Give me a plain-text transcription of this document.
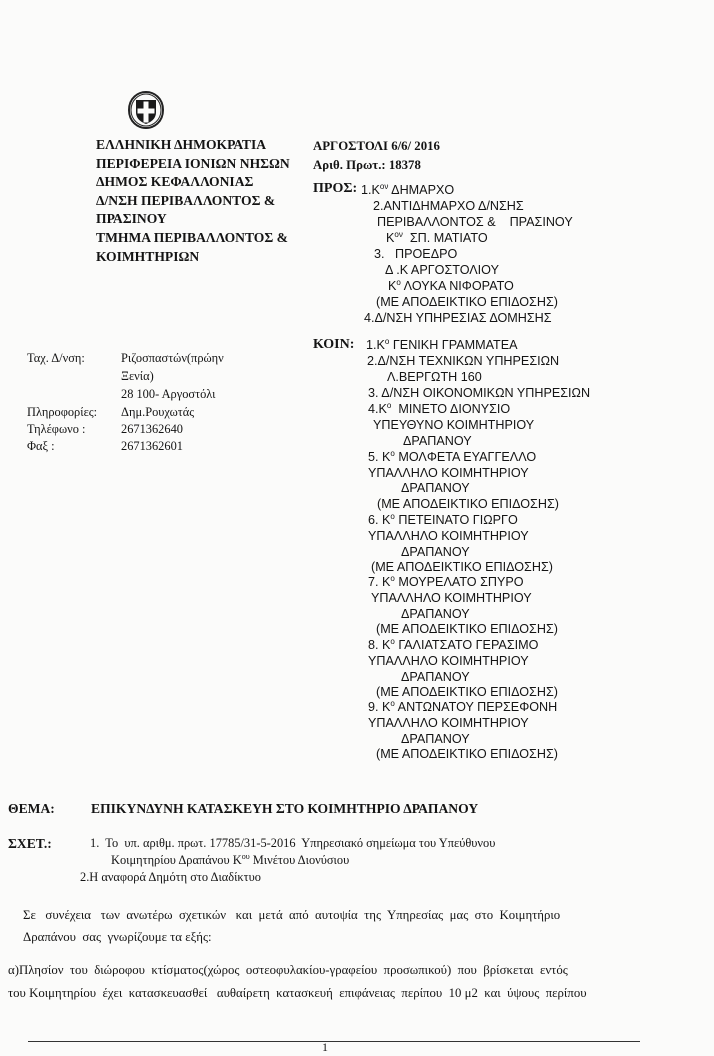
ΕΛΛΗΝΙΚΗ ΔΗΜΟΚΡΑΤΙΑ
ΠΕΡΙΦΕΡΕΙΑ ΙΟΝΙΩΝ ΝΗΣΩΝ
ΔΗΜΟΣ ΚΕΦΑΛΛΟΝΙΑΣ
Δ/ΝΣΗ ΠΕΡΙΒΑΛΛΟΝΤΟΣ &
ΠΡΑΣΙΝΟΥ
ΤΜΗΜΑ ΠΕΡΙΒΑΛΛΟΝΤΟΣ &
ΚΟΙΜΗΤΗΡΙΩΝ
ΑΡΓΟΣΤΟΛΙ 6/6/ 2016
Αριθ. Πρωτ.: 18378
ΠΡΟΣ: $1.K^{o\nu}$ ΔΗΜΑΡΧΟ
2.ΑΝΤΙΔΗΜΑΡΧΟ Δ/ΝΣΗΣ
ΠΕΡΙΒΑΛΛΟΝΤΟΣ &    ΠΡΑΣΙΝΟΥ
$K^{o\nu}$ ΣΠ. ΜΑΤΙΑΤΟ
3.   ΠΡΟΕΔΡΟ
Δ .Κ ΑΡΓΟΣΤΟΛΙΟΥ
$K^o$ ΛΟΥΚΑ ΝΙΦΟΡΑΤΟ
(ΜΕ ΑΠΟΔΕΙΚΤΙΚΟ ΕΠΙΔΟΣΗΣ)
4.Δ/ΝΣΗ ΥΠΗΡΕΣΙΑΣ ΔΟΜΗΣΗΣ
Ταχ. Δ/νση:	Ριζοσπαστών(πρώην
Ξενία)
28 100- Αργοστόλι
Πληροφορίες: Δημ.Ρουχωτάς
Τηλέφωνο :	2671362640
Φαξ :	2671362601
ΚΟΙΝ: $1.K^o$ ΓΕΝΙΚΗ ΓΡΑΜΜΑΤΕΑ
2.Δ/ΝΣΗ ΤΕΧΝΙΚΩΝ ΥΠΗΡΕΣΙΩΝ
Λ.ΒΕΡΓΩΤΗ 160
3. Δ/ΝΣΗ ΟΙΚΟΝΟΜΙΚΩΝ ΥΠΗΡΕΣΙΩΝ
$4.K^o$ ΜΙΝΕΤΟ ΔΙΟΝΥΣΙΟ
ΥΠΕΥΘΥΝΟ ΚΟΙΜΗΤΗΡΙΟΥ
ΔΡΑΠΑΝΟΥ
5. $K^o$ ΜΟΛΦΕΤΑ ΕΥΑΓΓΕΛΛΟ
ΥΠΑΛΛΗΛΟ ΚΟΙΜΗΤΗΡΙΟΥ
ΔΡΑΠΑΝΟΥ
(ΜΕ ΑΠΟΔΕΙΚΤΙΚΟ ΕΠΙΔΟΣΗΣ)
6. $K^o$ ΠΕΤΕΙΝΑΤΟ ΓΙΩΡΓΟ
ΥΠΑΛΛΗΛΟ ΚΟΙΜΗΤΗΡΙΟΥ
ΔΡΑΠΑΝΟΥ
(ΜΕ ΑΠΟΔΕΙΚΤΙΚΟ ΕΠΙΔΟΣΗΣ)
7. $K^o$ ΜΟΥΡΕΛΑΤΟ ΣΠΥΡΟ
ΥΠΑΛΛΗΛΟ ΚΟΙΜΗΤΗΡΙΟΥ
ΔΡΑΠΑΝΟΥ
(ΜΕ ΑΠΟΔΕΙΚΤΙΚΟ ΕΠΙΔΟΣΗΣ)
8. $K^o$ ΓΑΛΙΑΤΣΑΤΟ ΓΕΡΑΣΙΜΟ
ΥΠΑΛΛΗΛΟ ΚΟΙΜΗΤΗΡΙΟΥ
ΔΡΑΠΑΝΟΥ
(ΜΕ ΑΠΟΔΕΙΚΤΙΚΟ ΕΠΙΔΟΣΗΣ)
9. $K^o$ ΑΝΤΩΝΑΤΟΥ ΠΕΡΣΕΦΟΝΗ
ΥΠΑΛΛΗΛΟ ΚΟΙΜΗΤΗΡΙΟΥ
ΔΡΑΠΑΝΟΥ
(ΜΕ ΑΠΟΔΕΙΚΤΙΚΟ ΕΠΙΔΟΣΗΣ)
ΘΕΜΑ:	ΕΠΙΚΥΝΔΥΝΗ ΚΑΤΑΣΚΕΥΗ ΣΤΟ ΚΟΙΜΗΤΗΡΙΟ ΔΡΑΠΑΝΟΥ
ΣΧΕΤ.:	1.  Το  υπ. αριθμ. πρωτ. 17785/31-5-2016  Υπηρεσιακό σημείωμα του Υπεύθυνου
Κοιμητηρίου Δραπάνου $K^{o\upsilon}$ Μινέτου Διονύσιου
2.Η αναφορά Δημότη στο Διαδίκτυο
Σε   συνέχεια   των  ανωτέρω  σχετικών   και  μετά  από  αυτοψία  της  Υπηρεσίας  μας  στο  Κοιμητήριο
Δραπάνου  σας  γνωρίζουμε τα εξής:
α)Πλησίον  του  διώροφου  κτίσματος(χώρος  οστεοφυλακίου-γραφείου  προσωπικού)  που  βρίσκεται  εντός
του Κοιμητηρίου  έχει  κατασκευασθεί   αυθαίρετη  κατασκευή  επιφάνειας  περίπου  10 μ2  και  ύψους  περίπου
1
